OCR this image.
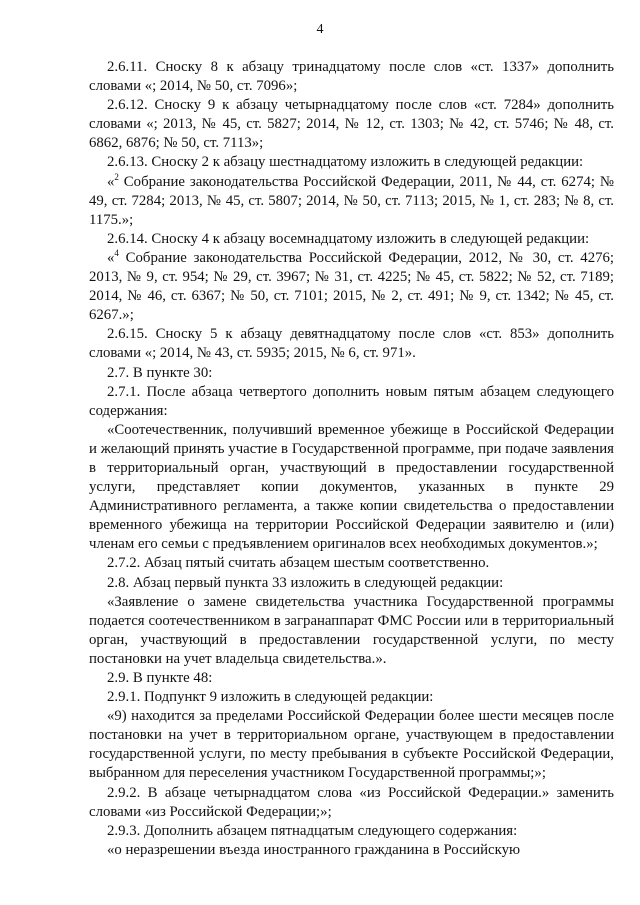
4
2.6.11. Сноску 8 к абзацу тринадцатому после слов «ст. 1337» дополнить словами «; 2014, № 50, ст. 7096»;
2.6.12. Сноску 9 к абзацу четырнадцатому после слов «ст. 7284» дополнить словами «; 2013, № 45, ст. 5827; 2014, № 12, ст. 1303; № 42, ст. 5746; № 48, ст. 6862, 6876; № 50, ст. 7113»;
2.6.13. Сноску 2 к абзацу шестнадцатому изложить в следующей редакции:
«$^2$ Собрание законодательства Российской Федерации, 2011, № 44, ст. 6274; № 49, ст. 7284; 2013, № 45, ст. 5807; 2014, № 50, ст. 7113; 2015, № 1, ст. 283; № 8, ст. 1175.»;
2.6.14. Сноску 4 к абзацу восемнадцатому изложить в следующей редакции:
«$^4$ Собрание законодательства Российской Федерации, 2012, № 30, ст. 4276; 2013, № 9, ст. 954; № 29, ст. 3967; № 31, ст. 4225; № 45, ст. 5822; № 52, ст. 7189; 2014, № 46, ст. 6367; № 50, ст. 7101; 2015, № 2, ст. 491; № 9, ст. 1342; № 45, ст. 6267.»;
2.6.15. Сноску 5 к абзацу девятнадцатому после слов «ст. 853» дополнить словами «; 2014, № 43, ст. 5935; 2015, № 6, ст. 971».
2.7. В пункте 30:
2.7.1. После абзаца четвертого дополнить новым пятым абзацем следующего содержания:
«Соотечественник, получивший временное убежище в Российской Федерации и желающий принять участие в Государственной программе, при подаче заявления в территориальный орган, участвующий в предоставлении государственной услуги, представляет копии документов, указанных в пункте 29 Административного регламента, а также копии свидетельства о предоставлении временного убежища на территории Российской Федерации заявителю и (или) членам его семьи с предъявлением оригиналов всех необходимых документов.»;
2.7.2. Абзац пятый считать абзацем шестым соответственно.
2.8. Абзац первый пункта 33 изложить в следующей редакции:
«Заявление о замене свидетельства участника Государственной программы подается соотечественником в загранаппарат ФМС России или в территориальный орган, участвующий в предоставлении государственной услуги, по месту постановки на учет владельца свидетельства.».
2.9. В пункте 48:
2.9.1. Подпункт 9 изложить в следующей редакции:
«9) находится за пределами Российской Федерации более шести месяцев после постановки на учет в территориальном органе, участвующем в предоставлении государственной услуги, по месту пребывания в субъекте Российской Федерации, выбранном для переселения участником Государственной программы;»;
2.9.2. В абзаце четырнадцатом слова «из Российской Федерации.» заменить словами «из Российской Федерации;»;
2.9.3. Дополнить абзацем пятнадцатым следующего содержания:
«о неразрешении въезда иностранного гражданина в Российскую
